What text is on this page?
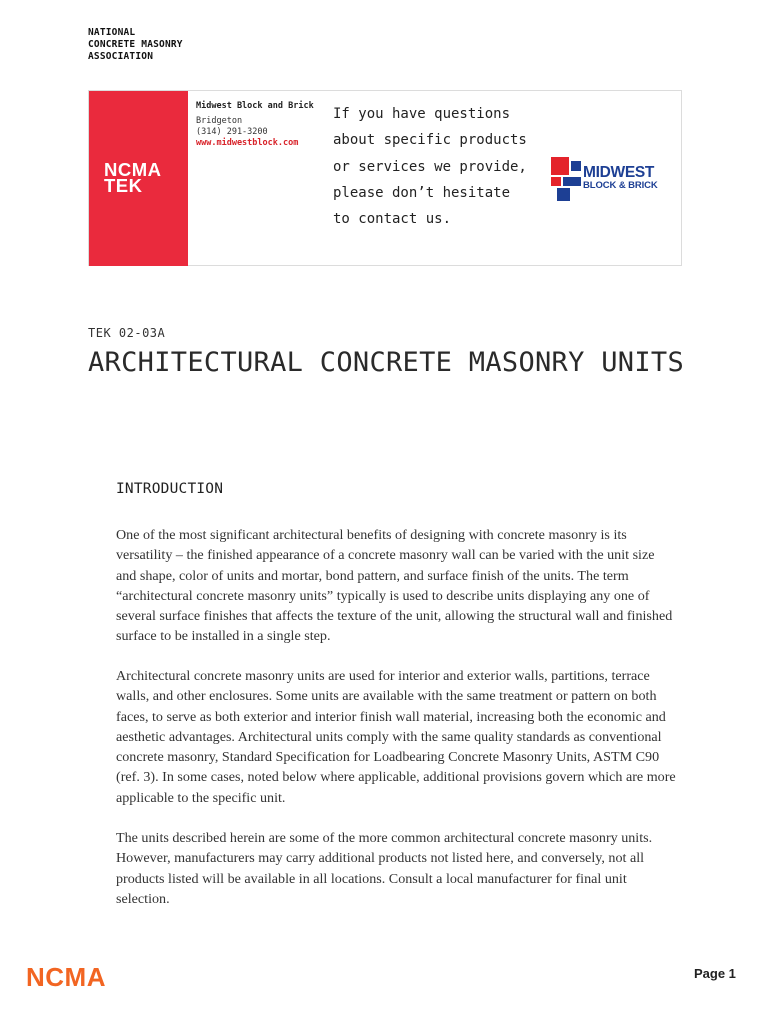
NATIONAL
CONCRETE MASONRY
ASSOCIATION
NCMA
TEK
Midwest Block and Brick
Bridgeton
(314) 291-3200
www.midwestblock.com
If you have questions about specific products or services we provide, please don’t hesitate to contact us.
MIDWEST
BLOCK & BRICK
TEK 02-03A
ARCHITECTURAL CONCRETE MASONRY UNITS
INTRODUCTION

One of the most significant architectural benefits of designing with concrete masonry is its versatility – the finished appearance of a concrete masonry wall can be varied with the unit size and shape, color of units and mortar, bond pattern, and surface finish of the units. The term “architectural concrete masonry units” typically is used to describe units displaying any one of several surface finishes that affects the texture of the unit, allowing the structural wall and finished surface to be installed in a single step.

Architectural concrete masonry units are used for interior and exterior walls, partitions, terrace walls, and other enclosures. Some units are available with the same treatment or pattern on both faces, to serve as both exterior and interior finish wall material, increasing both the economic and aesthetic advantages. Architectural units comply with the same quality standards as conventional concrete masonry, Standard Specification for Loadbearing Concrete Masonry Units, ASTM C90 (ref. 3). In some cases, noted below where applicable, additional provisions govern which are more applicable to the specific unit.

The units described herein are some of the more common architectural concrete masonry units. However, manufacturers may carry additional products not listed here, and conversely, not all products listed will be available in all locations. Consult a local manufacturer for final unit selection.

NCMA	Page 1
